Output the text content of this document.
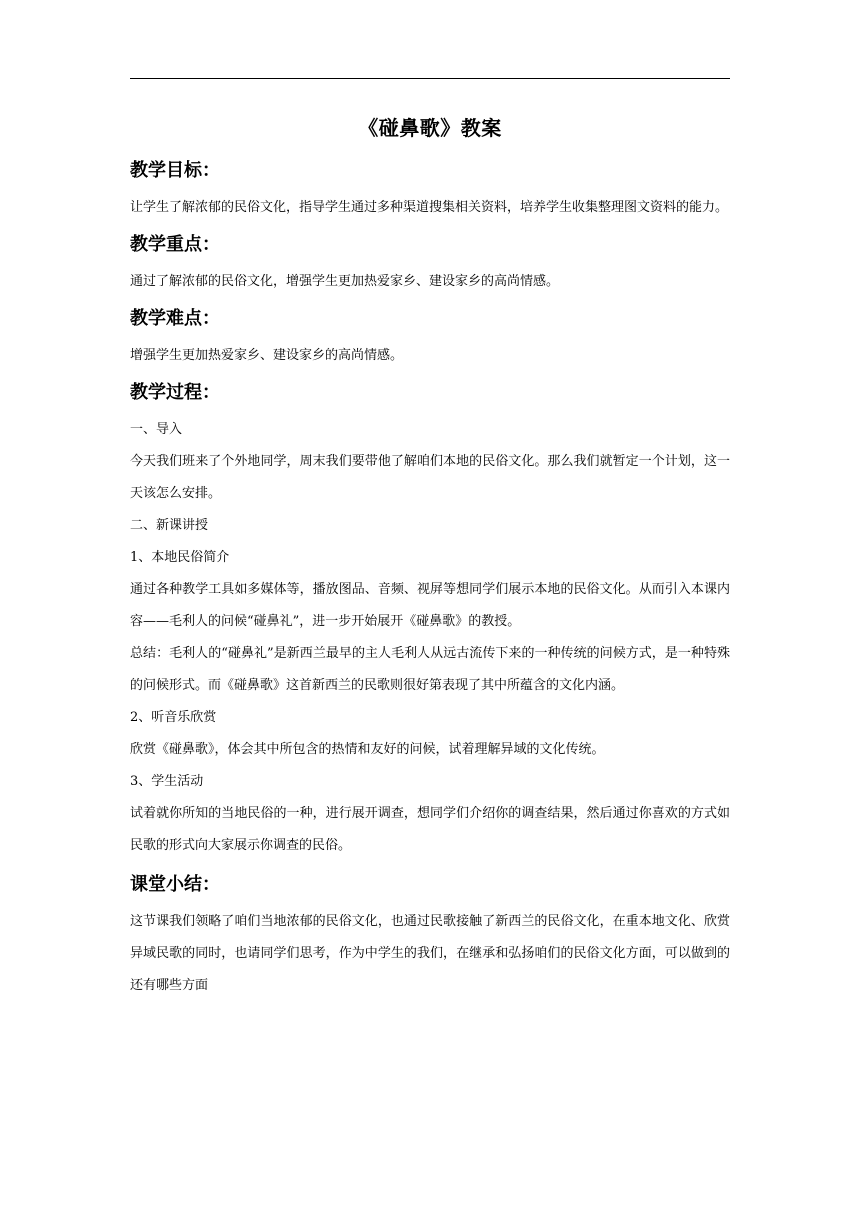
《碰鼻歌》教案
教学目标：
让学生了解浓郁的民俗文化，指导学生通过多种渠道搜集相关资料，培养学生收集整理图文资料的能力。
教学重点：
通过了解浓郁的民俗文化，增强学生更加热爱家乡、建设家乡的高尚情感。
教学难点：
增强学生更加热爱家乡、建设家乡的高尚情感。
教学过程：
一、导入
今天我们班来了个外地同学，周末我们要带他了解咱们本地的民俗文化。那么我们就暂定一个计划，这一天该怎么安排。
二、新课讲授
1、本地民俗简介
通过各种教学工具如多媒体等，播放图品、音频、视屏等想同学们展示本地的民俗文化。从而引入本课内容——毛利人的问候“碰鼻礼”，进一步开始展开《碰鼻歌》的教授。
总结：毛利人的“碰鼻礼”是新西兰最早的主人毛利人从远古流传下来的一种传统的问候方式，是一种特殊的问候形式。而《碰鼻歌》这首新西兰的民歌则很好第表现了其中所蕴含的文化内涵。
2、听音乐欣赏
欣赏《碰鼻歌》，体会其中所包含的热情和友好的问候，试着理解异域的文化传统。
3、学生活动
试着就你所知的当地民俗的一种，进行展开调查，想同学们介绍你的调查结果，然后通过你喜欢的方式如民歌的形式向大家展示你调查的民俗。
课堂小结：
这节课我们领略了咱们当地浓郁的民俗文化，也通过民歌接触了新西兰的民俗文化，在重本地文化、欣赏异域民歌的同时，也请同学们思考，作为中学生的我们，在继承和弘扬咱们的民俗文化方面，可以做到的还有哪些方面
